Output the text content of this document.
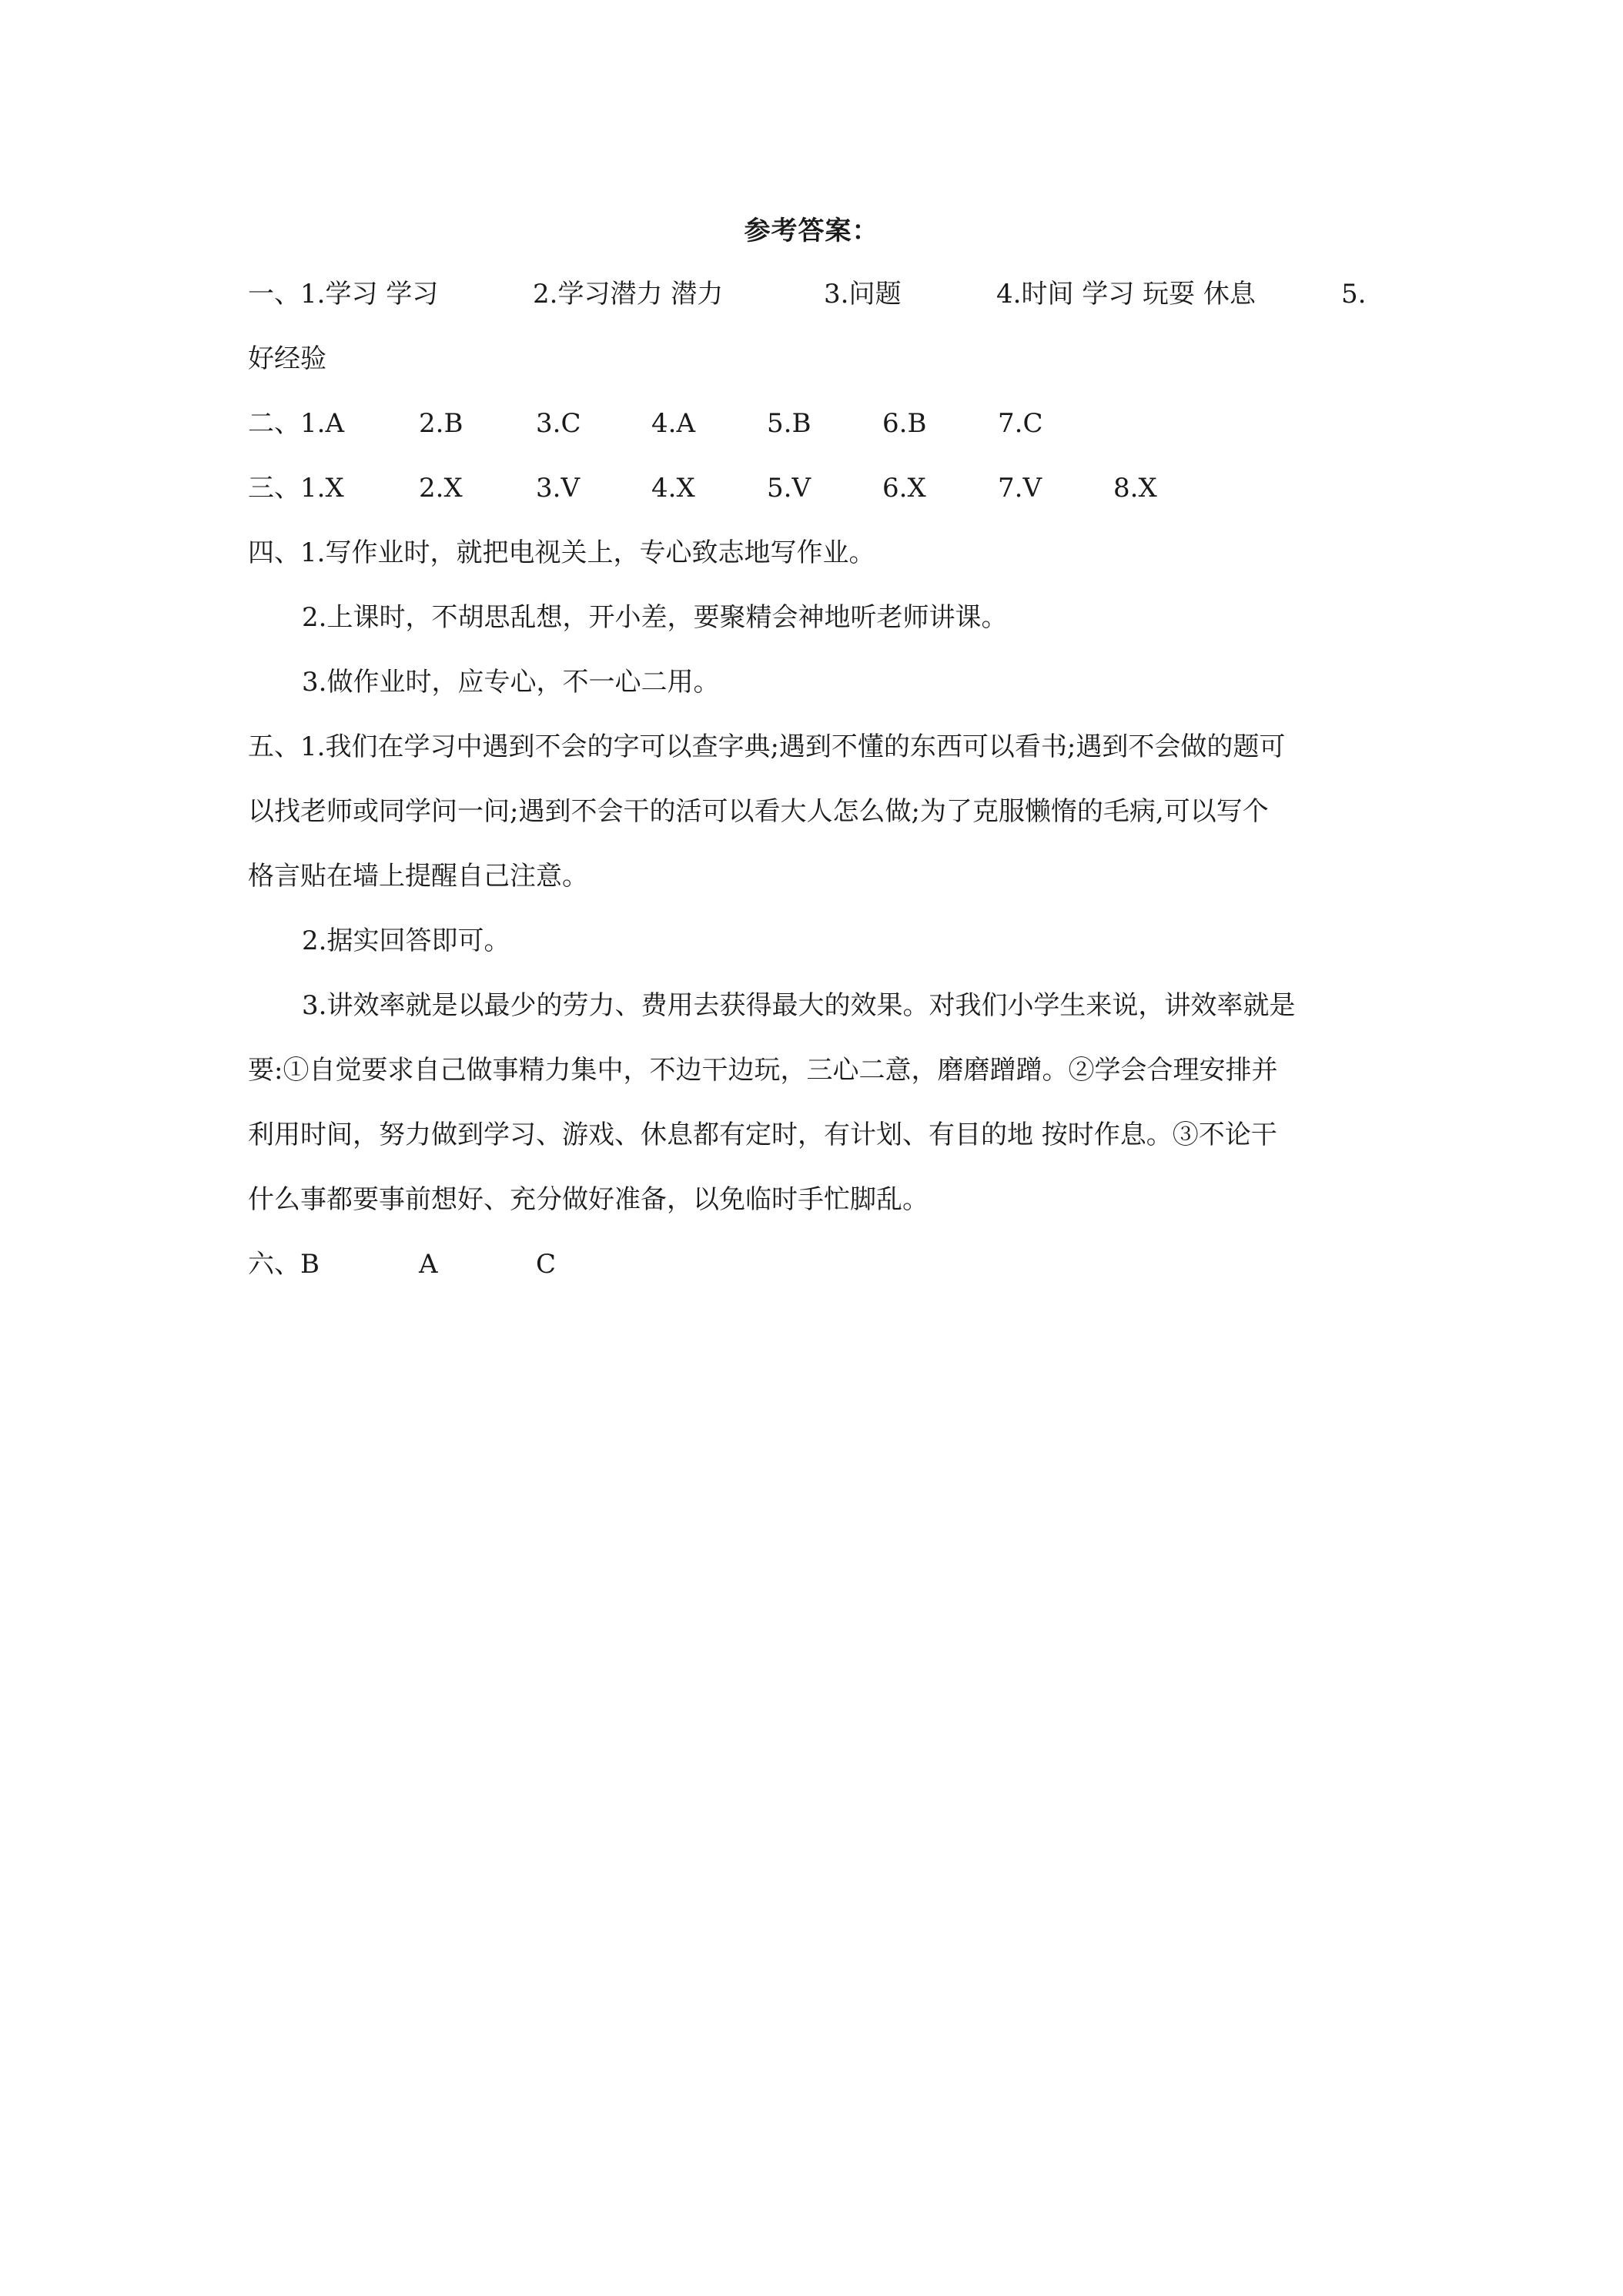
参考答案：
一、 1.学习 学习	2.学习潜力 潜力	3.问题	4.时间 学习 玩耍 休息	5.
好经验
二、 1.A	2.B	3.C	4.A	5.B	6.B	7.C
三、 1.X	2.X	3.V	4.X	5.V	6.X	7.V	8.X
四、1.写作业时，就把电视关上，专心致志地写作业。
2.上课时，不胡思乱想，开小差，要聚精会神地听老师讲课。
3.做作业时，应专心，不一心二用。
五、1.我们在学习中遇到不会的字可以查字典;遇到不懂的东西可以看书;遇到不会做的题可
以找老师或同学问一问;遇到不会干的活可以看大人怎么做;为了克服懒惰的毛病,可以写个
格言贴在墙上提醒自己注意。
2.据实回答即可。
3.讲效率就是以最少的劳力、费用去获得最大的效果。对我们小学生来说，讲效率就是
要:①自觉要求自己做事精力集中，不边干边玩，三心二意，磨磨蹭蹭。②学会合理安排并
利用时间，努力做到学习、游戏、休息都有定时，有计划、有目的地 按时作息。③不论干
什么事都要事前想好、充分做好准备，以免临时手忙脚乱。
六、 B	A	C
